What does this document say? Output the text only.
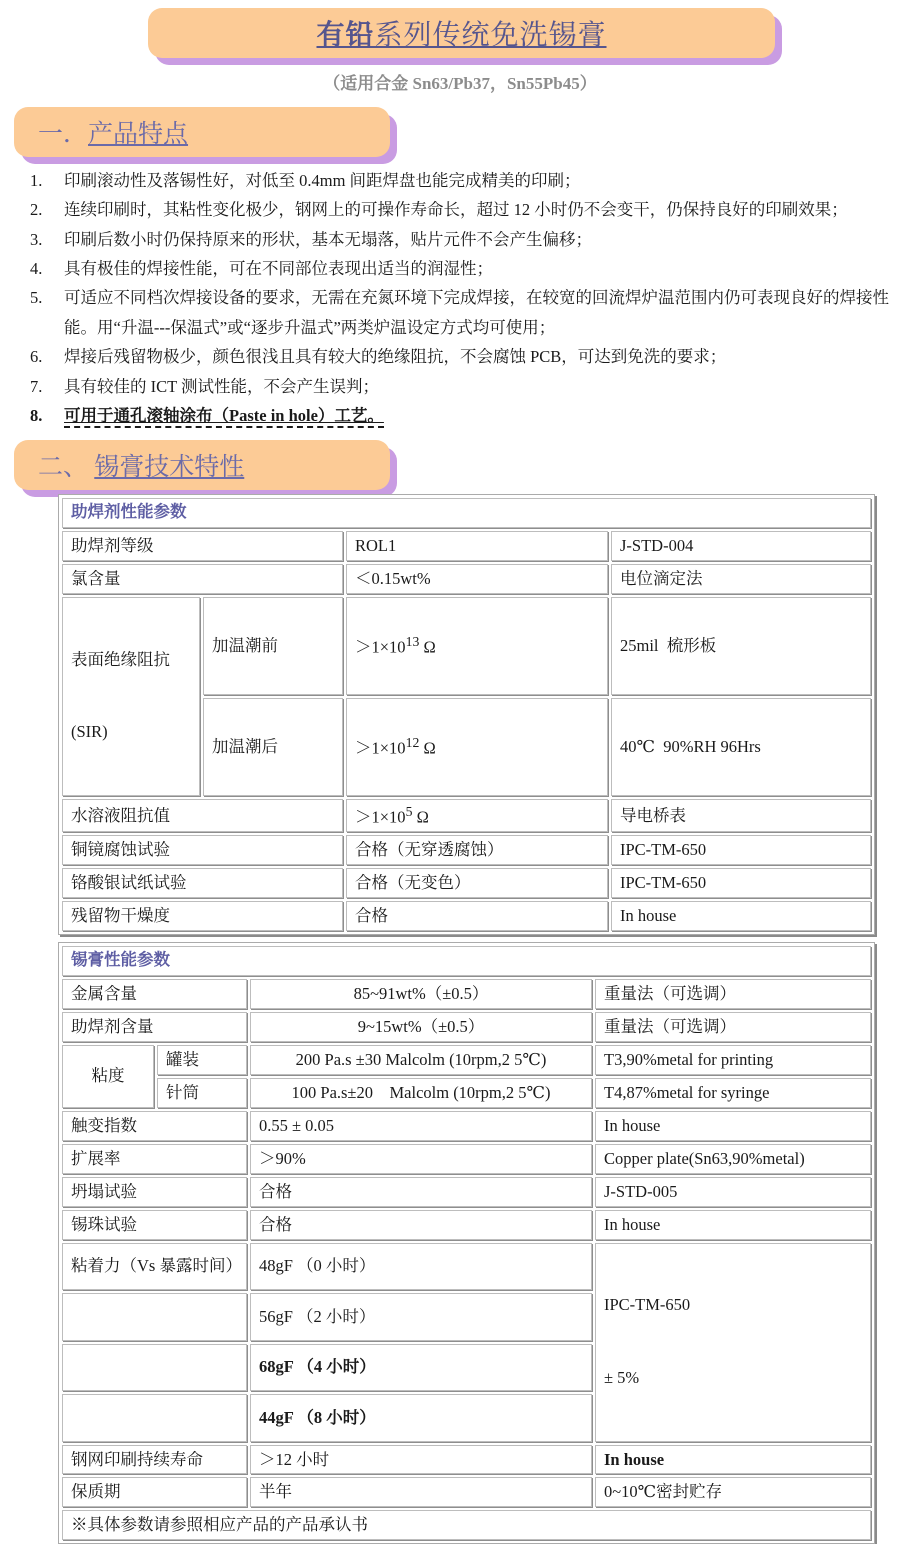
有铅系列传统免洗锡膏
（适用合金 Sn63/Pb37，Sn55Pb45）
一．产品特点
1.	印刷滚动性及落锡性好，对低至 0.4mm 间距焊盘也能完成精美的印刷；
2.	连续印刷时，其粘性变化极少，钢网上的可操作寿命长，超过 12 小时仍不会变干，仍保持良好的印刷效果；
3.	印刷后数小时仍保持原来的形状，基本无塌落，贴片元件不会产生偏移；
4.	具有极佳的焊接性能，可在不同部位表现出适当的润湿性；
5.	可适应不同档次焊接设备的要求，无需在充氮环境下完成焊接，在较宽的回流焊炉温范围内仍可表现良好的焊接性能。用“升温---保温式”或“逐步升温式”两类炉温设定方式均可使用；
6.	焊接后残留物极少，颜色很浅且具有较大的绝缘阻抗，不会腐蚀 PCB，可达到免洗的要求；
7.	具有较佳的 ICT 测试性能，不会产生误判；
8.	可用于通孔滚轴涂布（Paste in hole）工艺。
二、 锡膏技术特性
助焊剂性能参数			
助焊剂等级		ROL1	J-STD-004
氯含量		＜0.15wt%	电位滴定法

表面绝缘阻抗

(SIR)	加温潮前	$>1\times 10^{13}$ Ω	25mil  梳形板
	加温潮后	$>1\times 10^{12}$ Ω	40℃  90%RH 96Hrs
水溶液阻抗值		$>1\times 10^5$ Ω	导电桥表
铜镜腐蚀试验		合格（无穿透腐蚀）	IPC-TM-650
铬酸银试纸试验		合格（无变色）	IPC-TM-650
残留物干燥度		合格	In house
锡膏性能参数			
金属含量		85~91wt%（±0.5）	重量法（可选调）
助焊剂含量		9~15wt%（±0.5）	重量法（可选调）
粘度	罐装	200 Pa.s ±30 Malcolm (10rpm,2 5℃)	T3,90%metal for printing
	针筒	100 Pa.s±20    Malcolm (10rpm,2 5℃)	T4,87%metal for syringe
触变指数		0.55 ± 0.05	In house
扩展率		＞90%	Copper plate(Sn63,90%metal)
坍塌试验		合格	J-STD-005
锡珠试验		合格	In house
粘着力（Vs 暴露时间）		48gF （0 小时）	IPC-TM-650

± 5%

		56gF （2 小时）	
		68gF （4 小时）	
		44gF （8 小时）	
钢网印刷持续寿命		＞12 小时	In house
保质期		半年	0~10℃密封贮存
※具体参数请参照相应产品的产品承认书			
